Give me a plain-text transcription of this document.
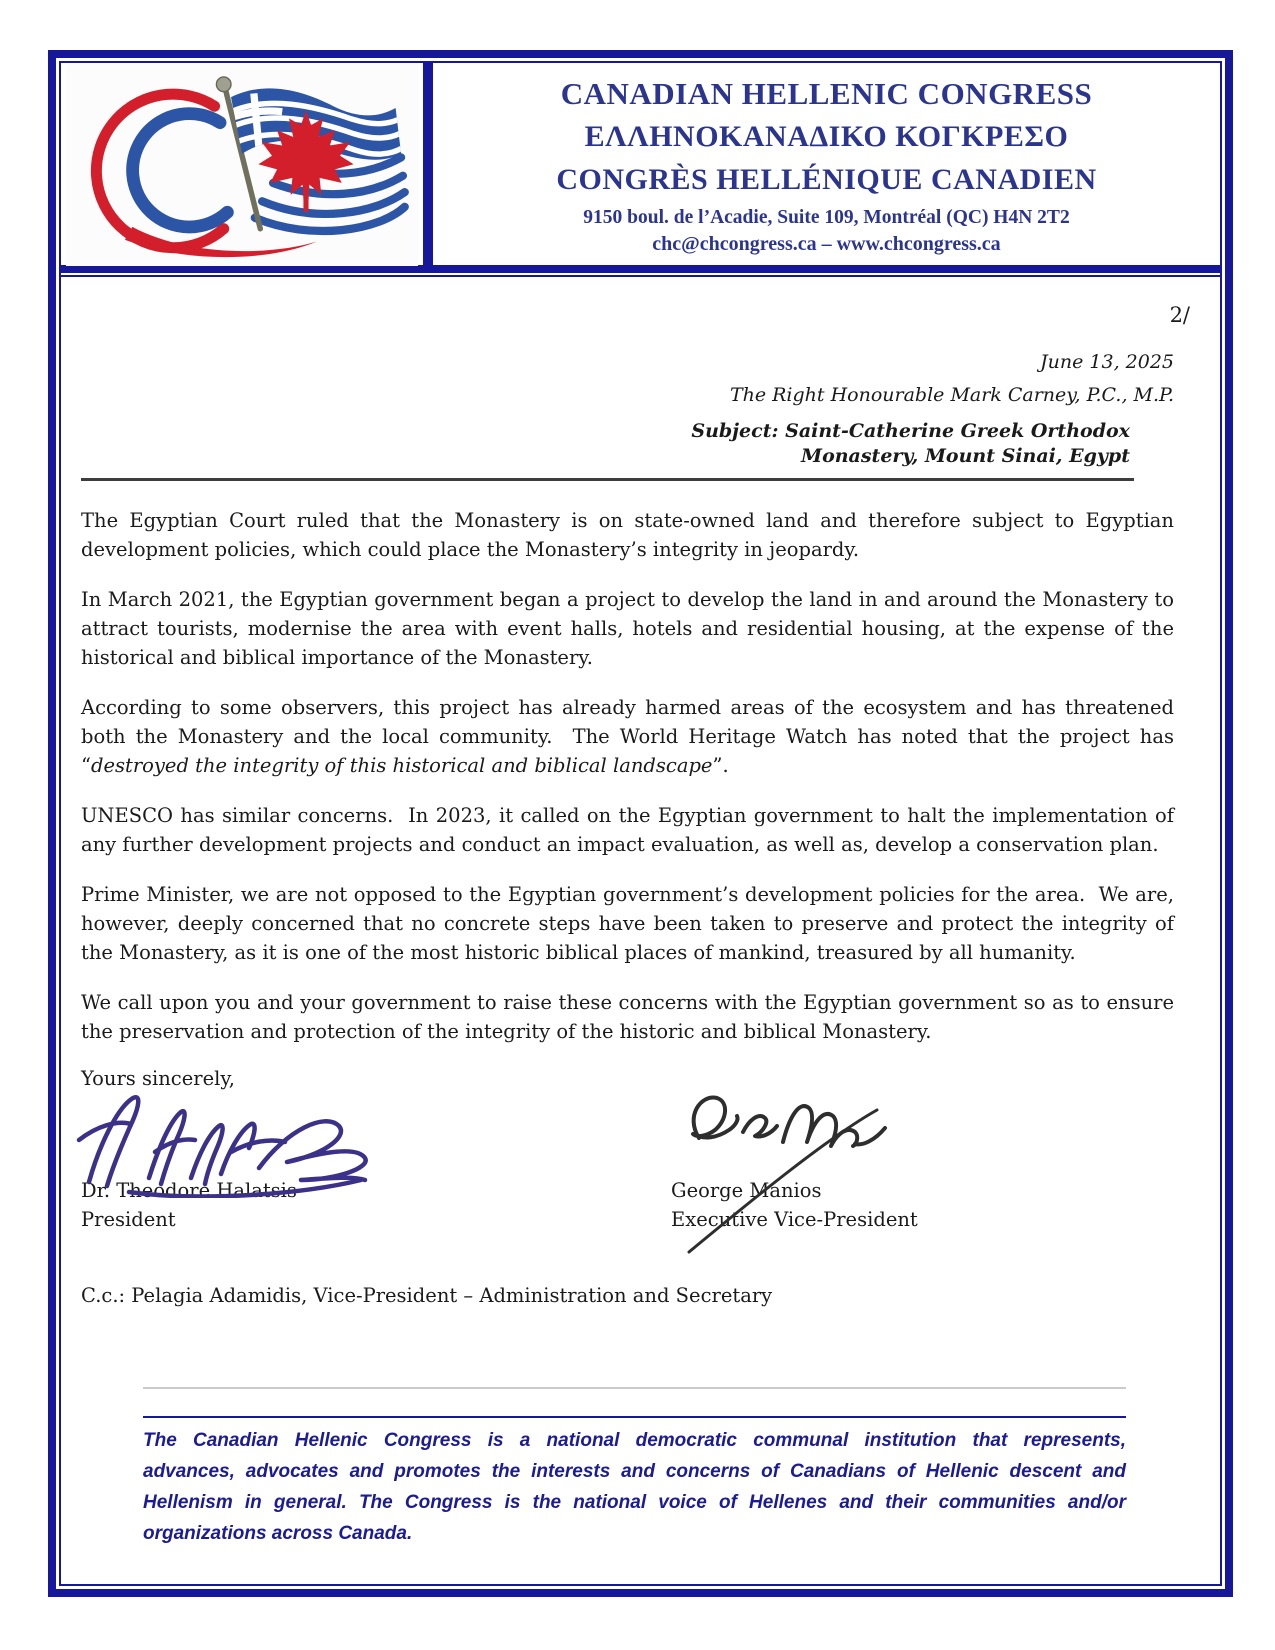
CANADIAN HELLENIC CONGRESS
ΕΛΛΗΝΟΚΑΝΑΔΙΚΟ ΚΟΓΚΡΕΣΟ
CONGRÈS HELLÉNIQUE CANADIEN
9150 boul. de l’Acadie, Suite 109, Montréal (QC) H4N 2T2
chc@chcongress.ca – www.chcongress.ca
2/
June 13, 2025
The Right Honourable Mark Carney, P.C., M.P.
Subject: Saint-Catherine Greek Orthodox
Monastery, Mount Sinai, Egypt

The Egyptian Court ruled that the Monastery is on state-owned land and therefore subject to Egyptian development policies, which could place the Monastery’s integrity in jeopardy.

In March 2021, the Egyptian government began a project to develop the land in and around the Monastery to attract tourists, modernise the area with event halls, hotels and residential housing, at the expense of the historical and biblical importance of the Monastery.

According to some observers, this project has already harmed areas of the ecosystem and has threatened both the Monastery and the local community.  The World Heritage Watch has noted that the project has “destroyed the integrity of this historical and biblical landscape”.

UNESCO has similar concerns.  In 2023, it called on the Egyptian government to halt the implementation of any further development projects and conduct an impact evaluation, as well as, develop a conservation plan.

Prime Minister, we are not opposed to the Egyptian government’s development policies for the area.  We are, however, deeply concerned that no concrete steps have been taken to preserve and protect the integrity of the Monastery, as it is one of the most historic biblical places of mankind, treasured by all humanity.

We call upon you and your government to raise these concerns with the Egyptian government so as to ensure the preservation and protection of the integrity of the historic and biblical Monastery.

Yours sincerely,
Dr. Theodore Halatsis
President
George Manios
Executive Vice-President
C.c.: Pelagia Adamidis, Vice-President – Administration and Secretary
The Canadian Hellenic Congress is a national democratic communal institution that represents,
advances, advocates and promotes the interests and concerns of Canadians of Hellenic descent and
Hellenism in general. The Congress is the national voice of Hellenes and their communities and/or
organizations across Canada.
